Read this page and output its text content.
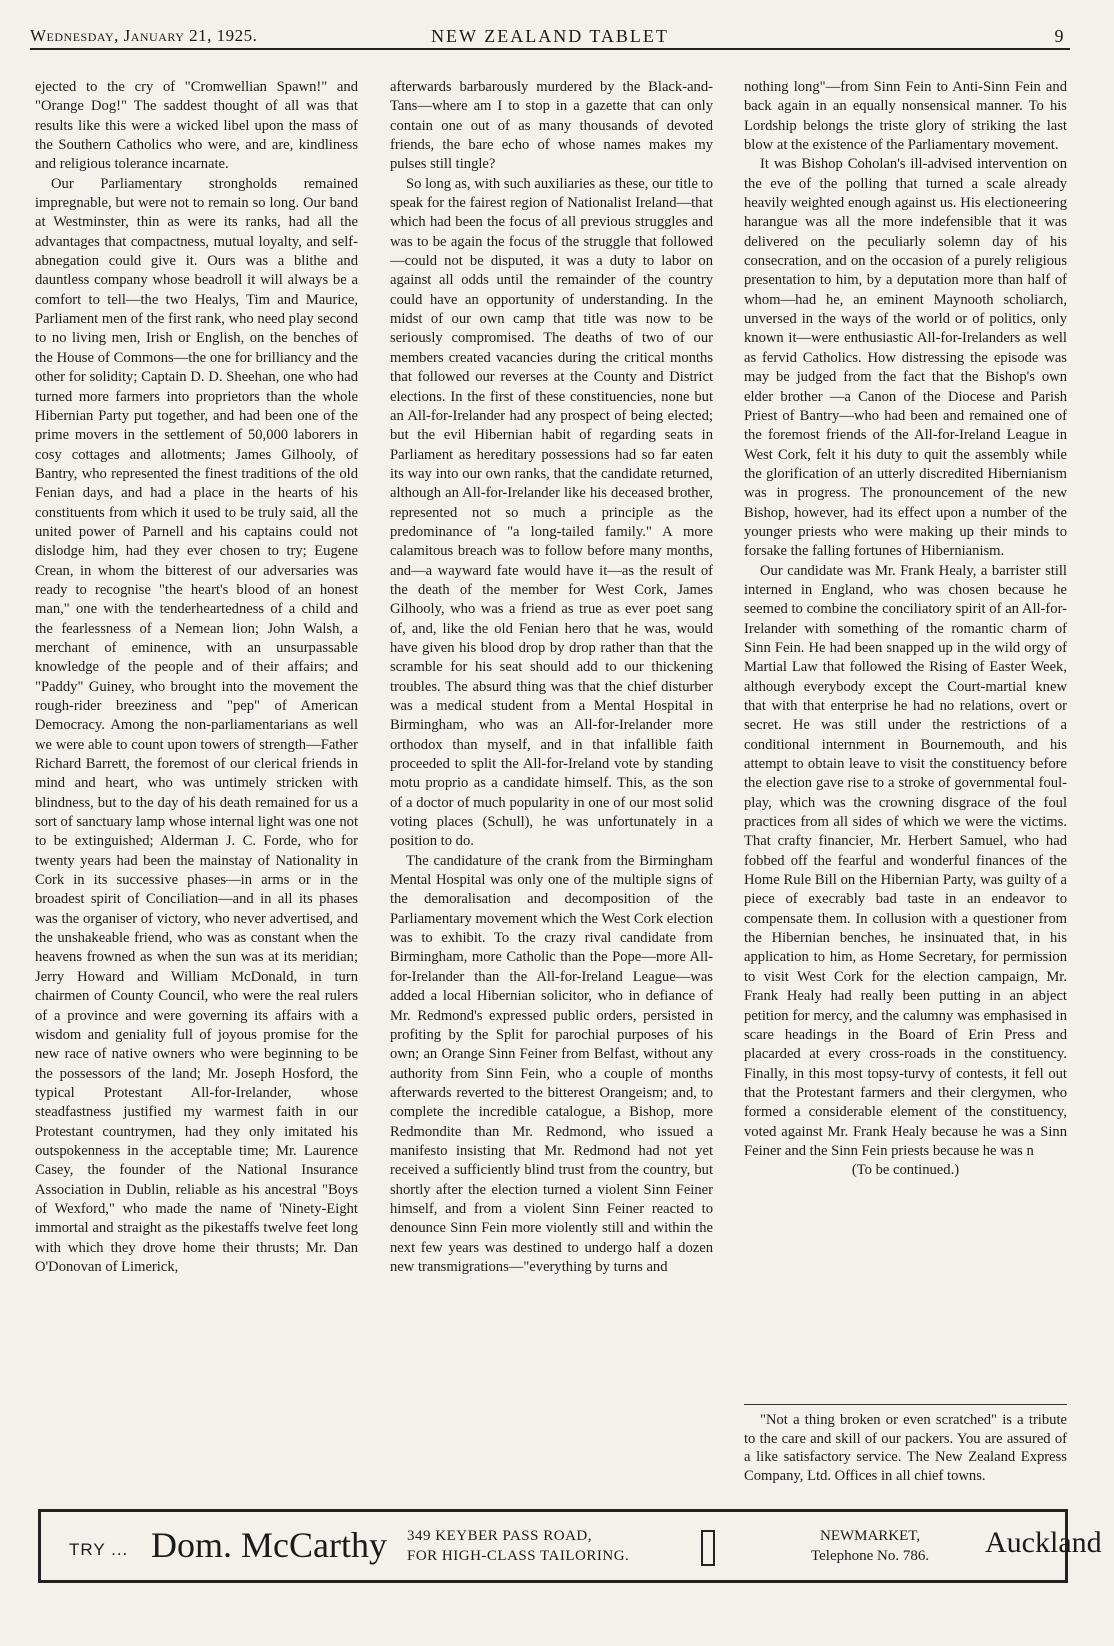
Wednesday, January 21, 1925.	NEW ZEALAND TABLET	9

ejected to the cry of "Cromwellian Spawn!" and "Orange Dog!" The saddest thought of all was that results like this were a wicked libel upon the mass of the Southern Catholics who were, and are, kindliness and religious tolerance incarnate.

Our Parliamentary strongholds remained impregnable, but were not to remain so long. Our band at Westminster, thin as were its ranks, had all the advantages that compactness, mutual loyalty, and self-abnegation could give it. Ours was a blithe and dauntless company whose beadroll it will always be a comfort to tell—the two Healys, Tim and Maurice, Parliament men of the first rank, who need play second to no living men, Irish or English, on the benches of the House of Commons—the one for brilliancy and the other for solidity; Captain D. D. Sheehan, one who had turned more farmers into proprietors than the whole Hibernian Party put together, and had been one of the prime movers in the settlement of 50,000 laborers in cosy cottages and allotments; James Gilhooly, of Bantry, who represented the finest traditions of the old Fenian days, and had a place in the hearts of his constituents from which it used to be truly said, all the united power of Parnell and his captains could not dislodge him, had they ever chosen to try; Eugene Crean, in whom the bitterest of our adversaries was ready to recognise "the heart's blood of an honest man," one with the tenderheartedness of a child and the fearlessness of a Nemean lion; John Walsh, a merchant of eminence, with an unsurpassable knowledge of the people and of their affairs; and "Paddy" Guiney, who brought into the movement the rough-rider breeziness and "pep" of American Democracy. Among the non-parliamentarians as well we were able to count upon towers of strength—Father Richard Barrett, the foremost of our clerical friends in mind and heart, who was untimely stricken with blindness, but to the day of his death remained for us a sort of sanctuary lamp whose internal light was one not to be extinguished; Alderman J. C. Forde, who for twenty years had been the mainstay of Nationality in Cork in its successive phases—in arms or in the broadest spirit of Conciliation—and in all its phases was the organiser of victory, who never advertised, and the unshakeable friend, who was as constant when the heavens frowned as when the sun was at its meridian; Jerry Howard and William McDonald, in turn chairmen of County Council, who were the real rulers of a province and were governing its affairs with a wisdom and geniality full of joyous promise for the new race of native owners who were beginning to be the possessors of the land; Mr. Joseph Hosford, the typical Protestant All-for-Irelander, whose steadfastness justified my warmest faith in our Protestant countrymen, had they only imitated his outspokenness in the acceptable time; Mr. Laurence Casey, the founder of the National Insurance Association in Dublin, reliable as his ancestral "Boys of Wexford," who made the name of 'Ninety-Eight immortal and straight as the pikestaffs twelve feet long with which they drove home their thrusts; Mr. Dan O'Donovan of Limerick,

afterwards barbarously murdered by the Black-and-Tans—where am I to stop in a gazette that can only contain one out of as many thousands of devoted friends, the bare echo of whose names makes my pulses still tingle?

So long as, with such auxiliaries as these, our title to speak for the fairest region of Nationalist Ireland—that which had been the focus of all previous struggles and was to be again the focus of the struggle that followed—could not be disputed, it was a duty to labor on against all odds until the remainder of the country could have an opportunity of understanding. In the midst of our own camp that title was now to be seriously compromised. The deaths of two of our members created vacancies during the critical months that followed our reverses at the County and District elections. In the first of these constituencies, none but an All-for-Irelander had any prospect of being elected; but the evil Hibernian habit of regarding seats in Parliament as hereditary possessions had so far eaten its way into our own ranks, that the candidate returned, although an All-for-Irelander like his deceased brother, represented not so much a principle as the predominance of "a long-tailed family." A more calamitous breach was to follow before many months, and—a wayward fate would have it—as the result of the death of the member for West Cork, James Gilhooly, who was a friend as true as ever poet sang of, and, like the old Fenian hero that he was, would have given his blood drop by drop rather than that the scramble for his seat should add to our thickening troubles. The absurd thing was that the chief disturber was a medical student from a Mental Hospital in Birmingham, who was an All-for-Irelander more orthodox than myself, and in that infallible faith proceeded to split the All-for-Ireland vote by standing motu proprio as a candidate himself. This, as the son of a doctor of much popularity in one of our most solid voting places (Schull), he was unfortunately in a position to do.

The candidature of the crank from the Birmingham Mental Hospital was only one of the multiple signs of the demoralisation and decomposition of the Parliamentary movement which the West Cork election was to exhibit. To the crazy rival candidate from Birmingham, more Catholic than the Pope—more All-for-Irelander than the All-for-Ireland League—was added a local Hibernian solicitor, who in defiance of Mr. Redmond's expressed public orders, persisted in profiting by the Split for parochial purposes of his own; an Orange Sinn Feiner from Belfast, without any authority from Sinn Fein, who a couple of months afterwards reverted to the bitterest Orangeism; and, to complete the incredible catalogue, a Bishop, more Redmondite than Mr. Redmond, who issued a manifesto insisting that Mr. Redmond had not yet received a sufficiently blind trust from the country, but shortly after the election turned a violent Sinn Feiner himself, and from a violent Sinn Feiner reacted to denounce Sinn Fein more violently still and within the next few years was destined to undergo half a dozen new transmigrations—"everything by turns and

nothing long"—from Sinn Fein to Anti-Sinn Fein and back again in an equally nonsensical manner. To his Lordship belongs the triste glory of striking the last blow at the existence of the Parliamentary movement.

It was Bishop Coholan's ill-advised intervention on the eve of the polling that turned a scale already heavily weighted enough against us. His electioneering harangue was all the more indefensible that it was delivered on the peculiarly solemn day of his consecration, and on the occasion of a purely religious presentation to him, by a deputation more than half of whom—had he, an eminent Maynooth scholiarch, unversed in the ways of the world or of politics, only known it—were enthusiastic All-for-Irelanders as well as fervid Catholics. How distressing the episode was may be judged from the fact that the Bishop's own elder brother —a Canon of the Diocese and Parish Priest of Bantry—who had been and remained one of the foremost friends of the All-for-Ireland League in West Cork, felt it his duty to quit the assembly while the glorification of an utterly discredited Hibernianism was in progress. The pronouncement of the new Bishop, however, had its effect upon a number of the younger priests who were making up their minds to forsake the falling fortunes of Hibernianism.

Our candidate was Mr. Frank Healy, a barrister still interned in England, who was chosen because he seemed to combine the conciliatory spirit of an All-for-Irelander with something of the romantic charm of Sinn Fein. He had been snapped up in the wild orgy of Martial Law that followed the Rising of Easter Week, although everybody except the Court-martial knew that with that enterprise he had no relations, overt or secret. He was still under the restrictions of a conditional internment in Bournemouth, and his attempt to obtain leave to visit the constituency before the election gave rise to a stroke of governmental foul-play, which was the crowning disgrace of the foul practices from all sides of which we were the victims. That crafty financier, Mr. Herbert Samuel, who had fobbed off the fearful and wonderful finances of the Home Rule Bill on the Hibernian Party, was guilty of a piece of execrably bad taste in an endeavor to compensate them. In collusion with a questioner from the Hibernian benches, he insinuated that, in his application to him, as Home Secretary, for permission to visit West Cork for the election campaign, Mr. Frank Healy had really been putting in an abject petition for mercy, and the calumny was emphasised in scare headings in the Board of Erin Press and placarded at every cross-roads in the constituency. Finally, in this most topsy-turvy of contests, it fell out that the Protestant farmers and their clergymen, who formed a considerable element of the constituency, voted against Mr. Frank Healy because he was a Sinn Feiner and the Sinn Fein priests because he was n

(To be continued.)

"Not a thing broken or even scratched" is a tribute to the care and skill of our packers. You are assured of a like satisfactory service. The New Zealand Express Company, Ltd. Offices in all chief towns.

TRY ... Dom. McCarthy 349 KEYBER PASS ROAD,
FOR HIGH-CLASS TAILORING.
NEWMARKET,
Telephone No. 786. Auckland
